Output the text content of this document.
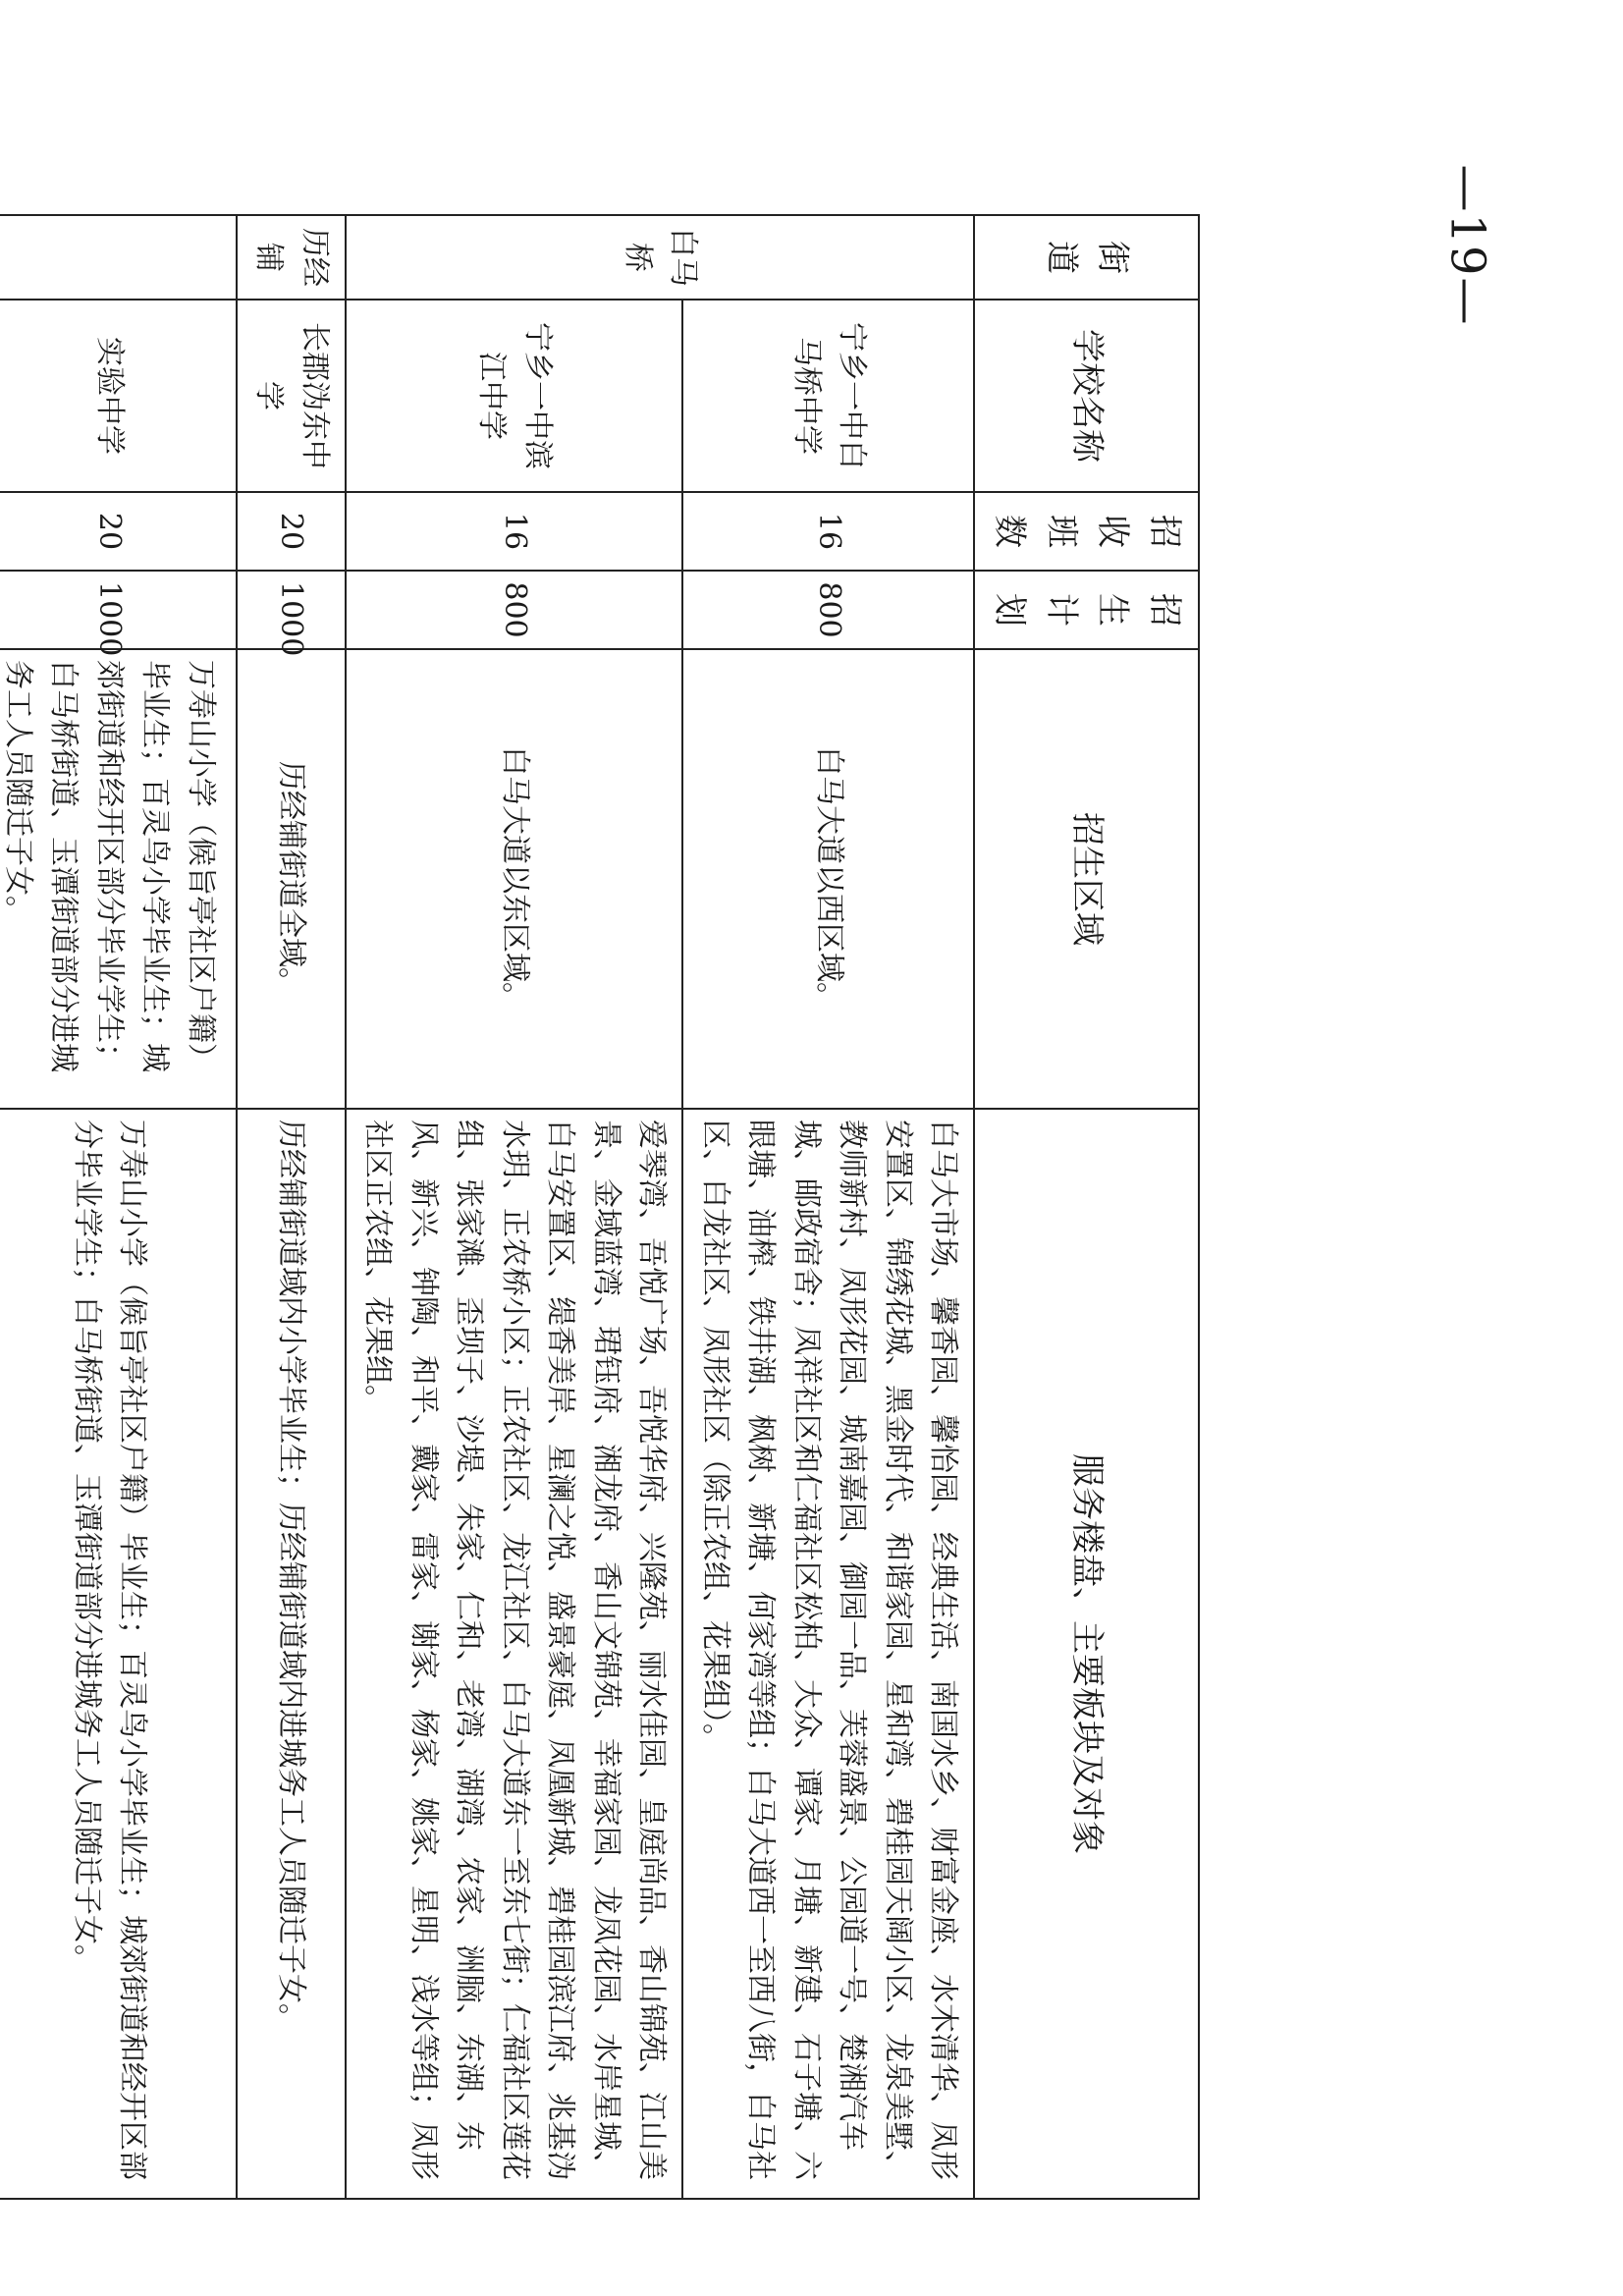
街道	学校名称	招收班数	招生计划	招生区域	服务楼盘、主要板块及对象
白马桥	宁乡一中白马桥中学	16	800	白马大道以西区域。	白马大市场、馨香园、馨怡园、经典生活、南国水乡、财富金座、水木清华、凤形安置区、锦绣花城、黑金时代、和谐家园、星和湾、碧桂园天阔小区、龙泉美墅、教师新村、凤形花园、城南嘉园、御园一品、芙蓉盛景、公园道一号、楚湘汽车城、邮政宿舍；凤祥社区和仁福社区松柏、大众、谭家、月塘、新建、石子塘、六眼塘、油榨、铁井湖、枫树、新塘、何家湾等组；白马大道西一至西八街，白马社区、白龙社区、凤形社区（除正农组、花果组）。
	宁乡一中滨江中学	16	800	白马大道以东区域。	爱琴湾、吾悦广场、吾悦华府、兴隆苑、丽水佳园、皇庭尚品、香山锦苑、江山美景、金域蓝湾、珺钰府、湘龙府、香山文锦苑、幸福家园、龙凤花园、水岸星城、白马安置区、缇香美岸、星澜之悦、盛景豪庭、凤凰新城、碧桂园滨江府、兆基沩水玥、正农桥小区；正农社区、龙江社区、白马大道东一至东七街；仁福社区莲花组、张家滩、歪坝子、沙堤、朱家、仁和、老湾、湖湾、农家、洲脑、东湖、东风、新兴、钟陶、和平、戴家、雷家、谢家、杨家、姚家、星明、浅水等组；凤形社区正农组、花果组。
历经铺	长郡沩东中学	20	1000	历经铺街道全域。	历经铺街道域内小学毕业生；历经铺街道域内进城务工人员随迁子女。
	实验中学	20	1000	万寿山小学（候旨亭社区户籍）毕业生；百灵鸟小学毕业生；城郊街道和经开区部分毕业学生；白马桥街道、玉潭街道部分进城务工人员随迁子女。	万寿山小学（候旨亭社区户籍）毕业生；百灵鸟小学毕业生；城郊街道和经开区部分毕业学生；白马桥街道、玉潭街道部分进城务工人员随迁子女。

—19—
